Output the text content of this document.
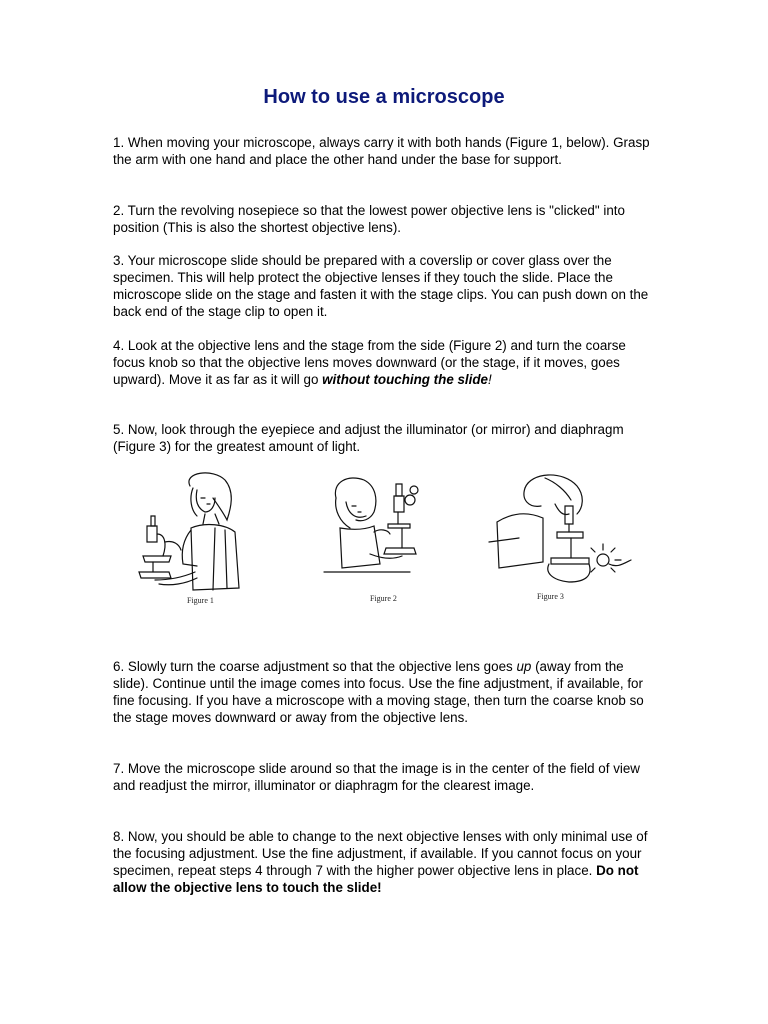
How to use a microscope

1. When moving your microscope, always carry it with both hands (Figure 1, below). Grasp the arm with one hand and place the other hand under the base for support.

2. Turn the revolving nosepiece so that the lowest power objective lens is "clicked" into position (This is also the shortest objective lens).

3. Your microscope slide should be prepared with a coverslip or cover glass over the specimen. This will help protect the objective lenses if they touch the slide. Place the microscope slide on the stage and fasten it with the stage clips. You can push down on the back end of the stage clip to open it.

4. Look at the objective lens and the stage from the side (Figure 2) and turn the coarse focus knob so that the objective lens moves downward (or the stage, if it moves, goes upward). Move it as far as it will go without touching the slide!

5. Now, look through the eyepiece and adjust the illuminator (or mirror) and diaphragm (Figure 3) for the greatest amount of light.

Figure 1	Figure 2	Figure 3

6. Slowly turn the coarse adjustment so that the objective lens goes up (away from the slide). Continue until the image comes into focus. Use the fine adjustment, if available, for fine focusing. If you have a microscope with a moving stage, then turn the coarse knob so the stage moves downward or away from the objective lens.

7. Move the microscope slide around so that the image is in the center of the field of view and readjust the mirror, illuminator or diaphragm for the clearest image.

8. Now, you should be able to change to the next objective lenses with only minimal use of the focusing adjustment. Use the fine adjustment, if available. If you cannot focus on your specimen, repeat steps 4 through 7 with the higher power objective lens in place. Do not allow the objective lens to touch the slide!
